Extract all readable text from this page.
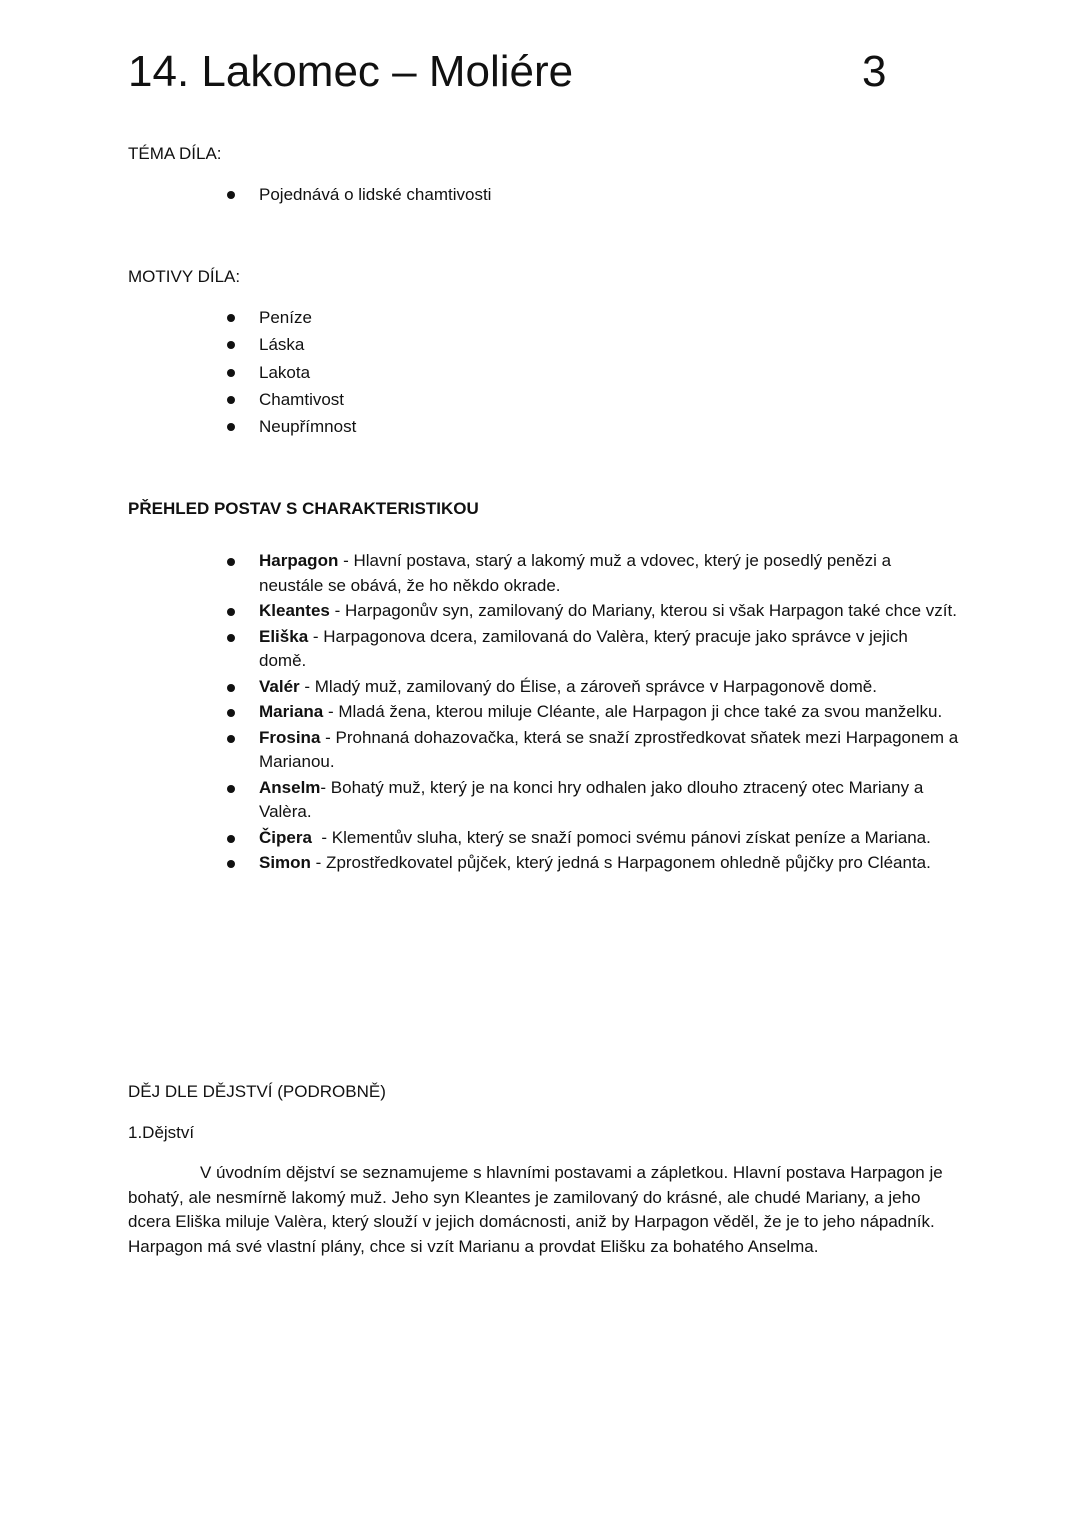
14. Lakomec – Moliére	3
TÉMA DÍLA:
Pojednává o lidské chamtivosti
MOTIVY DÍLA:
Peníze
Láska
Lakota
Chamtivost
Neupřímnost
PŘEHLED POSTAV S CHARAKTERISTIKOU
Harpagon - Hlavní postava, starý a lakomý muž a vdovec, který je posedlý penězi a neustále se obává, že ho někdo okrade.
Kleantes - Harpagonův syn, zamilovaný do Mariany, kterou si však Harpagon také chce vzít.
Eliška - Harpagonova dcera, zamilovaná do Valèra, který pracuje jako správce v jejich domě.
Valér - Mladý muž, zamilovaný do Élise, a zároveň správce v Harpagonově domě.
Mariana - Mladá žena, kterou miluje Cléante, ale Harpagon ji chce také za svou manželku.
Frosina - Prohnaná dohazovačka, která se snaží zprostředkovat sňatek mezi Harpagonem a Marianou.
Anselm- Bohatý muž, který je na konci hry odhalen jako dlouho ztracený otec Mariany a Valèra.
Čipera  - Klementův sluha, který se snaží pomoci svému pánovi získat peníze a Mariana.
Simon - Zprostředkovatel půjček, který jedná s Harpagonem ohledně půjčky pro Cléanta.
DĚJ DLE DĚJSTVÍ (PODROBNĚ)
1.Dějství

V úvodním dějství se seznamujeme s hlavními postavami a zápletkou. Hlavní postava Harpagon je bohatý, ale nesmírně lakomý muž. Jeho syn Kleantes je zamilovaný do krásné, ale chudé Mariany, a jeho dcera Eliška miluje Valèra, který slouží v jejich domácnosti, aniž by Harpagon věděl, že je to jeho nápadník. Harpagon má své vlastní plány, chce si vzít Marianu a provdat Elišku za bohatého Anselma.
